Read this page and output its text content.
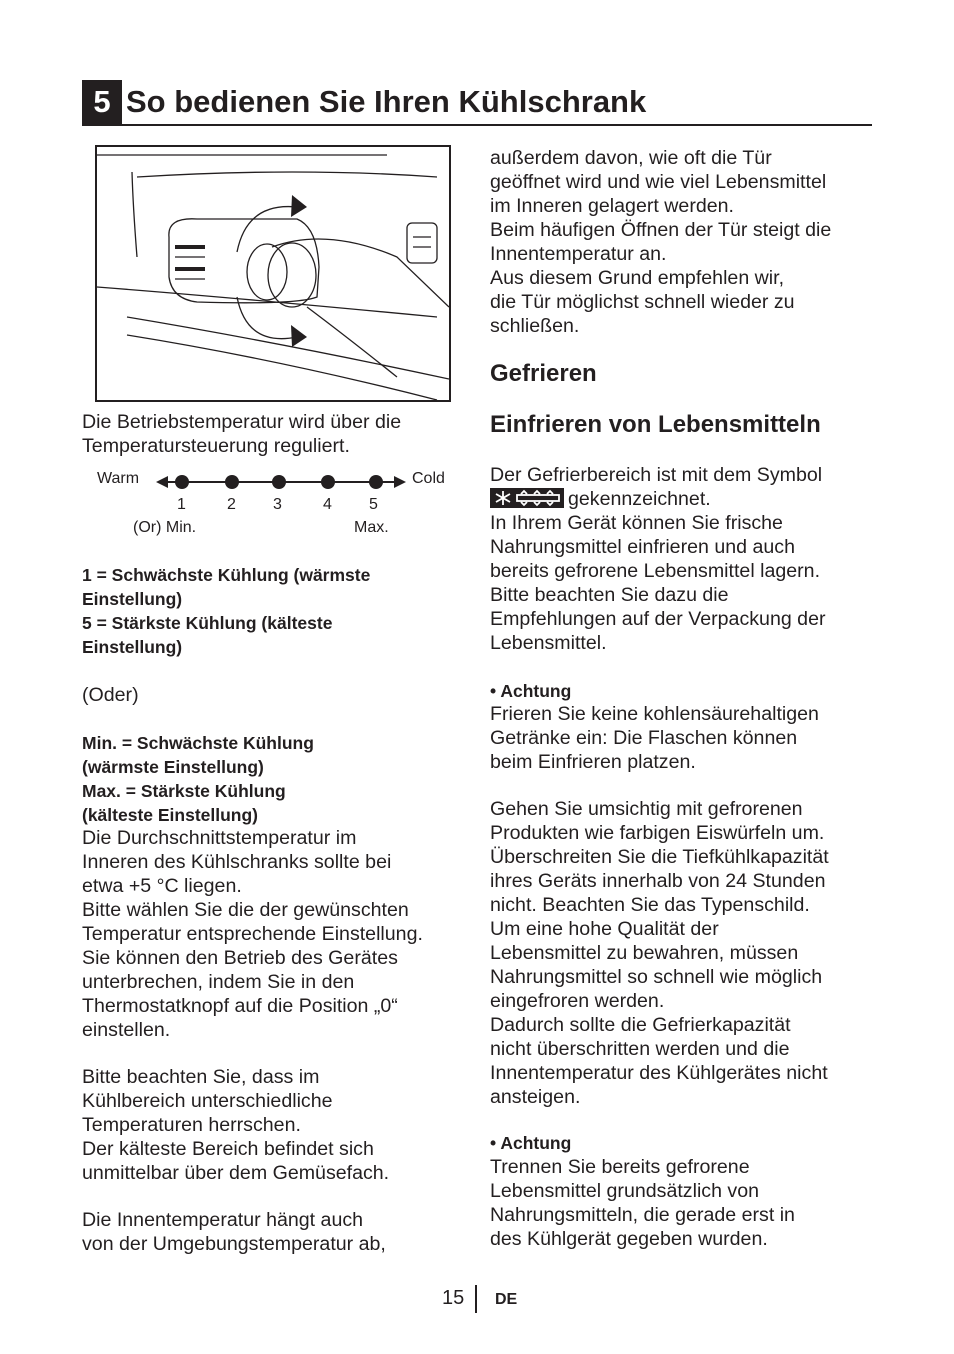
5 So bedienen Sie Ihren Kühlschrank
Die Betriebstemperatur wird über die
Temperatursteuerung reguliert.
Warm	Cold
1	2 3	4 5
(Or) Min.	Max.
1 = Schwächste Kühlung (wärmste
Einstellung)
5 = Stärkste Kühlung (kälteste
Einstellung)
(Oder)
Min. = Schwächste Kühlung
(wärmste Einstellung)
Max. = Stärkste Kühlung
(kälteste Einstellung)
Die Durchschnittstemperatur im
Inneren des Kühlschranks sollte bei
etwa +5 °C liegen.
Bitte wählen Sie die der gewünschten
Temperatur entsprechende Einstellung.
Sie können den Betrieb des Gerätes
unterbrechen, indem Sie in den
Thermostatknopf auf die Position „0“
einstellen.
Bitte beachten Sie, dass im
Kühlbereich unterschiedliche
Temperaturen herrschen.
Der kälteste Bereich befindet sich
unmittelbar über dem Gemüsefach.
Die Innentemperatur hängt auch
von der Umgebungstemperatur ab,
außerdem davon, wie oft die Tür
geöffnet wird und wie viel Lebensmittel
im Inneren gelagert werden.
Beim häufigen Öffnen der Tür steigt die
Innentemperatur an.
Aus diesem Grund empfehlen wir,
die Tür möglichst schnell wieder zu
schließen.
Gefrieren
Einfrieren von Lebensmitteln
Der Gefrierbereich ist mit dem Symbol
gekennzeichnet.
In Ihrem Gerät können Sie frische
Nahrungsmittel einfrieren und auch
bereits gefrorene Lebensmittel lagern.
Bitte beachten Sie dazu die
Empfehlungen auf der Verpackung der
Lebensmittel.
• Achtung
Frieren Sie keine kohlensäurehaltigen
Getränke ein: Die Flaschen können
beim Einfrieren platzen.
Gehen Sie umsichtig mit gefrorenen
Produkten wie farbigen Eiswürfeln um.
Überschreiten Sie die Tiefkühlkapazität
ihres Geräts innerhalb von 24 Stunden
nicht. Beachten Sie das Typenschild.
Um eine hohe Qualität der
Lebensmittel zu bewahren, müssen
Nahrungsmittel so schnell wie möglich
eingefroren werden.
Dadurch sollte die Gefrierkapazität
nicht überschritten werden und die
Innentemperatur des Kühlgerätes nicht
ansteigen.
• Achtung
Trennen Sie bereits gefrorene
Lebensmittel grundsätzlich von
Nahrungsmitteln, die gerade erst in
des Kühlgerät gegeben wurden.
15 DE
